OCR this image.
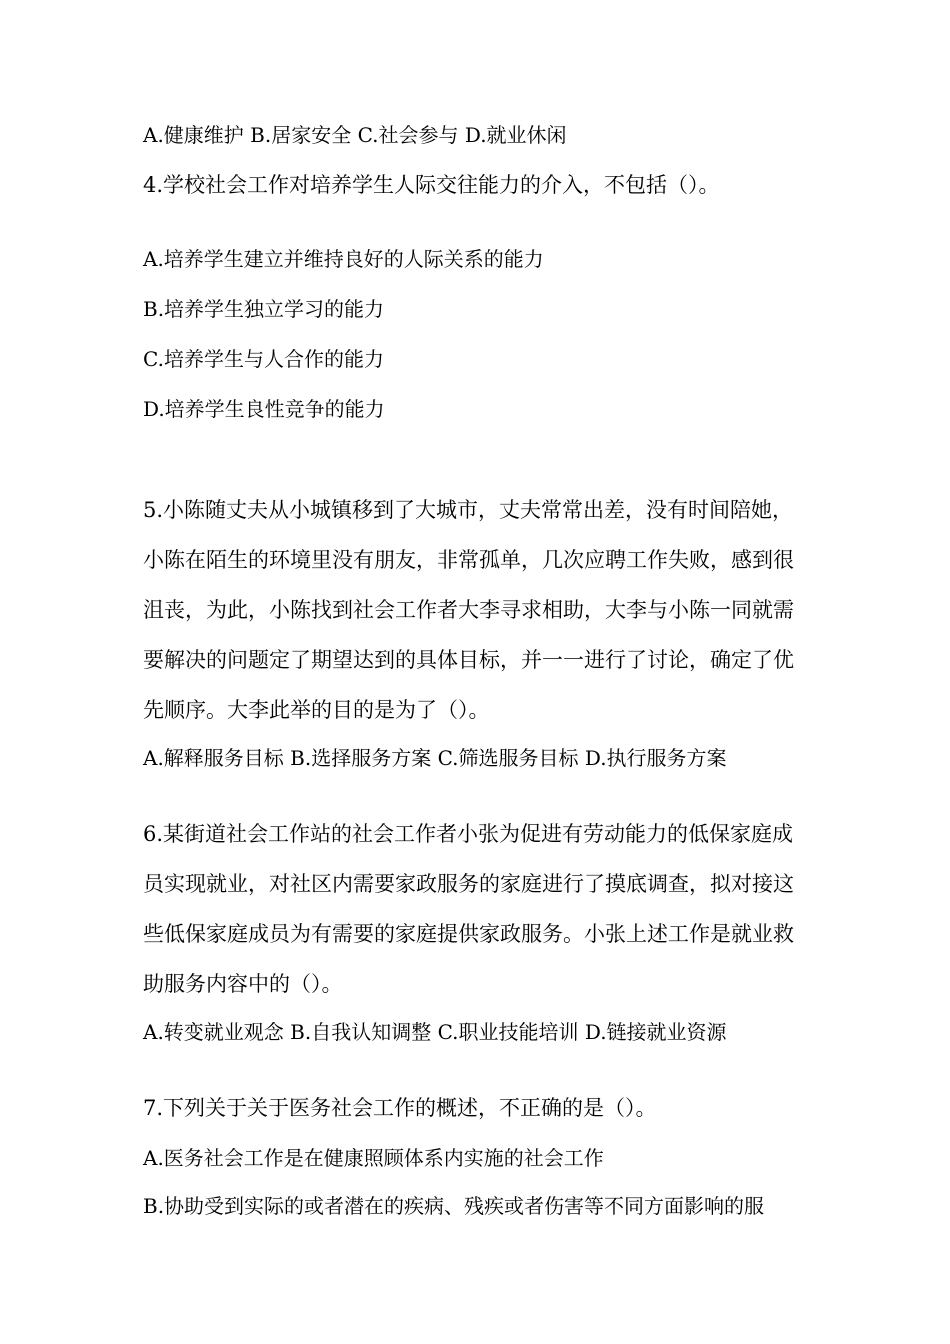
A.健康维护 B.居家安全 C.社会参与 D.就业休闲
4.学校社会工作对培养学生人际交往能力的介入，不包括（）。
A.培养学生建立并维持良好的人际关系的能力
B.培养学生独立学习的能力
C.培养学生与人合作的能力
D.培养学生良性竞争的能力
5.小陈随丈夫从小城镇移到了大城市，丈夫常常出差，没有时间陪她，
小陈在陌生的环境里没有朋友，非常孤单，几次应聘工作失败，感到很
沮丧，为此，小陈找到社会工作者大李寻求相助，大李与小陈一同就需
要解决的问题定了期望达到的具体目标，并一一进行了讨论，确定了优
先顺序。大李此举的目的是为了（）。
A.解释服务目标 B.选择服务方案 C.筛选服务目标 D.执行服务方案
6.某街道社会工作站的社会工作者小张为促进有劳动能力的低保家庭成
员实现就业，对社区内需要家政服务的家庭进行了摸底调查，拟对接这
些低保家庭成员为有需要的家庭提供家政服务。小张上述工作是就业救
助服务内容中的（）。
A.转变就业观念 B.自我认知调整 C.职业技能培训 D.链接就业资源
7.下列关于关于医务社会工作的概述，不正确的是（）。
A.医务社会工作是在健康照顾体系内实施的社会工作
B.协助受到实际的或者潜在的疾病、残疾或者伤害等不同方面影响的服
